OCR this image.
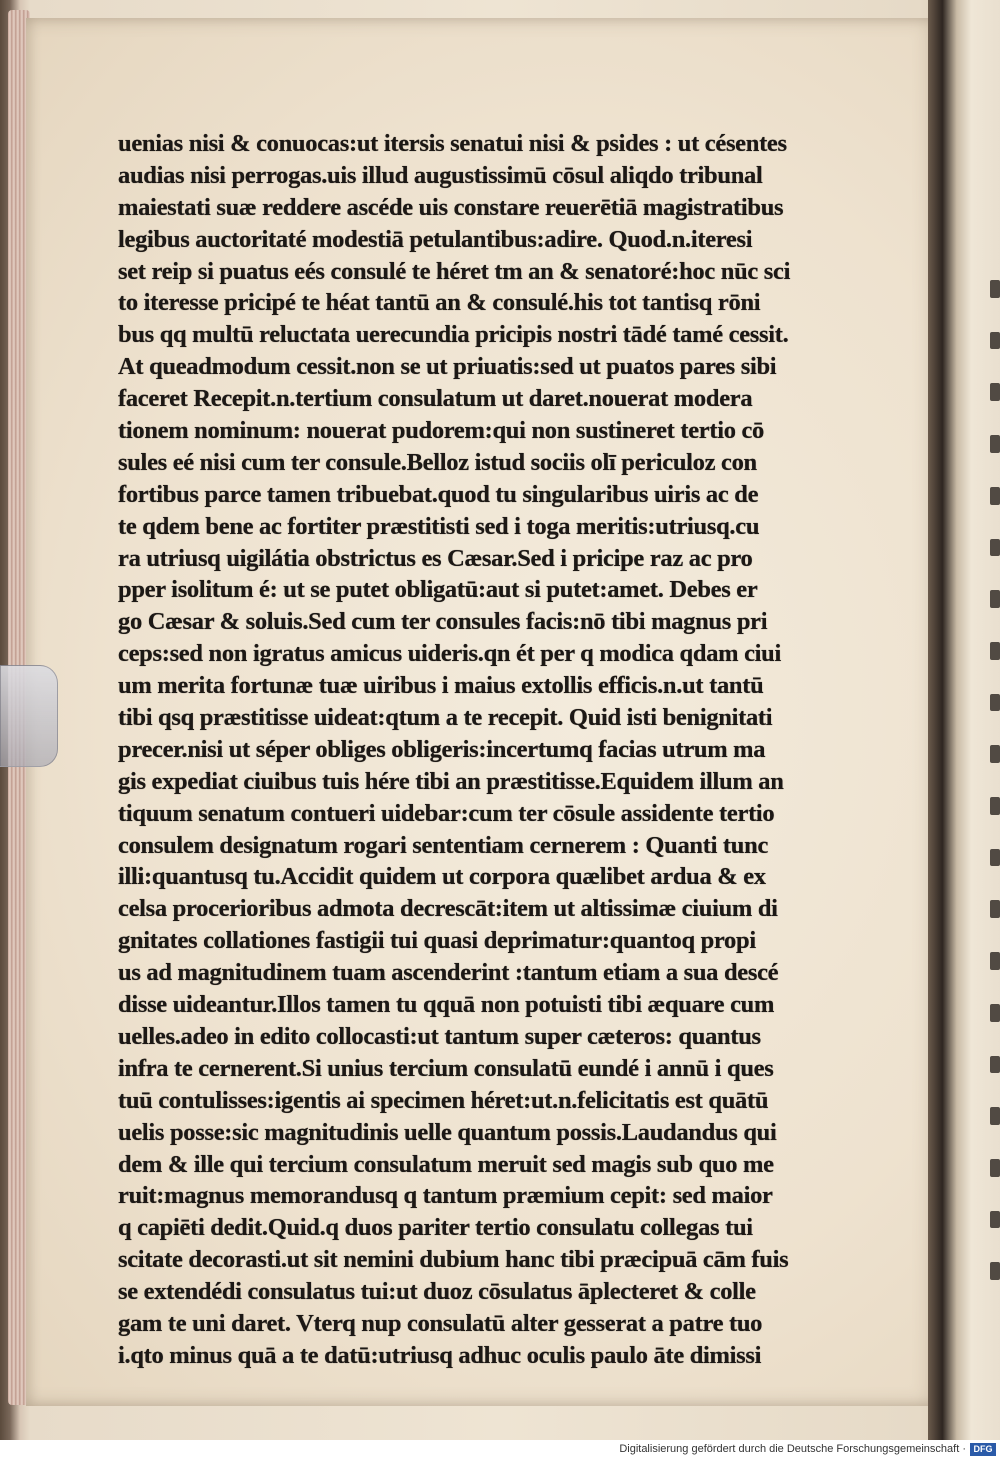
uenias nisi & conuocas:ut itersis senatui nisi & psides : ut césentes
audias nisi perrogas.uis illud augustissimū cōsul aliqdo tribunal
maiestati suæ reddere ascéde uis constare reuerētiā magistratibus
legibus auctoritaté modestiā petulantibus:adire. Quod.n.iteresi
set reip si puatus eés consulé te héret tm an & senatoré:hoc nūc sci
to iteresse pricipé te héat tantū an & consulé.his tot tantisq rōni
bus qq multū reluctata uerecundia pricipis nostri tādé tamé cessit.
At queadmodum cessit.non se ut priuatis:sed ut puatos pares sibi
faceret Recepit.n.tertium consulatum ut daret.nouerat modera
tionem nominum: nouerat pudorem:qui non sustineret tertio cō
sules eé nisi cum ter consule.Belloz istud sociis olī periculoz con
fortibus parce tamen tribuebat.quod tu singularibus uiris ac de
te qdem bene ac fortiter præstitisti sed i toga meritis:utriusq.cu
ra utriusq uigilátia obstrictus es Cæsar.Sed i pricipe raz ac pro
pper isolitum é: ut se putet obligatū:aut si putet:amet. Debes er
go Cæsar & soluis.Sed cum ter consules facis:nō tibi magnus pri
ceps:sed non igratus amicus uideris.qn ét per q modica qdam ciui
um merita fortunæ tuæ uiribus i maius extollis efficis.n.ut tantū
tibi qsq præstitisse uideat:qtum a te recepit. Quid isti benignitati
precer.nisi ut séper obliges obligeris:incertumq facias utrum ma
gis expediat ciuibus tuis hére tibi an præstitisse.Equidem illum an
tiquum senatum contueri uidebar:cum ter cōsule assidente tertio
consulem designatum rogari sententiam cernerem : Quanti tunc
illi:quantusq tu.Accidit quidem ut corpora quælibet ardua & ex
celsa procerioribus admota decrescāt:item ut altissimæ ciuium di
gnitates collationes fastigii tui quasi deprimatur:quantoq propi
us ad magnitudinem tuam ascenderint :tantum etiam a sua descé
disse uideantur.Illos tamen tu qquā non potuisti tibi æquare cum
uelles.adeo in edito collocasti:ut tantum super cæteros: quantus
infra te cernerent.Si unius tercium consulatū eundé i annū i ques
tuū contulisses:igentis ai specimen héret:ut.n.felicitatis est quātū
uelis posse:sic magnitudinis uelle quantum possis.Laudandus qui
dem & ille qui tercium consulatum meruit sed magis sub quo me
ruit:magnus memorandusq q tantum præmium cepit: sed maior
q capiēti dedit.Quid.q duos pariter tertio consulatu collegas tui
scitate decorasti.ut sit nemini dubium hanc tibi præcipuā cām fuis
se extendédi consulatus tui:ut duoz cōsulatus āplecteret & colle
gam te uni daret. Vterq nup consulatū alter gesserat a patre tuo
i.qto minus quā a te datū:utriusq adhuc oculis paulo āte dimissi
Digitalisierung gefördert durch die Deutsche Forschungsgemeinschaft · DFG
